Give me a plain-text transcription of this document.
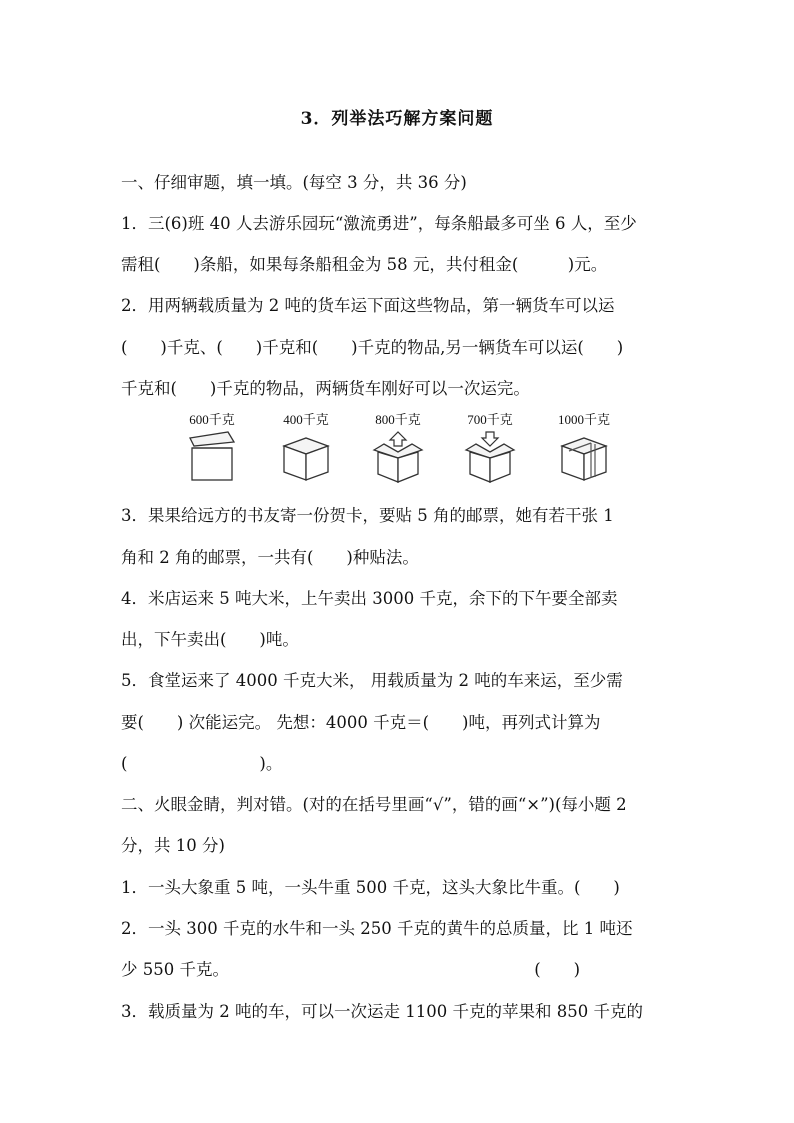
3．列举法巧解方案问题
一、仔细审题，填一填。(每空 3 分，共 36 分)
1．三(6)班 40 人去游乐园玩“激流勇进”，每条船最多可坐 6 人，至少
需租(　　)条船，如果每条船租金为 58 元，共付租金(　　　)元。
2．用两辆载质量为 2 吨的货车运下面这些物品，第一辆货车可以运
(　　)千克、(　　)千克和(　　)千克的物品,另一辆货车可以运(　　)
千克和(　　)千克的物品，两辆货车刚好可以一次运完。
600千克	400千克	800千克	700千克	1000千克
3．果果给远方的书友寄一份贺卡，要贴 5 角的邮票，她有若干张 1
角和 2 角的邮票，一共有(　　)种贴法。
4．米店运来 5 吨大米，上午卖出 3000 千克，余下的下午要全部卖
出，下午卖出(　　)吨。
5．食堂运来了 4000 千克大米， 用载质量为 2 吨的车来运，至少需
要(　　) 次能运完。 先想：4000 千克＝(　　)吨，再列式计算为
(　　　　　　　　)。
二、火眼金睛，判对错。(对的在括号里画“√”，错的画“×”)(每小题 2
分，共 10 分)
1．一头大象重 5 吨，一头牛重 500 千克，这头大象比牛重。(　　)
2．一头 300 千克的水牛和一头 250 千克的黄牛的总质量，比 1 吨还
少 550 千克。　　　　　　　　　　　　　　　　　　　(　　)
3．载质量为 2 吨的车，可以一次运走 1100 千克的苹果和 850 千克的
